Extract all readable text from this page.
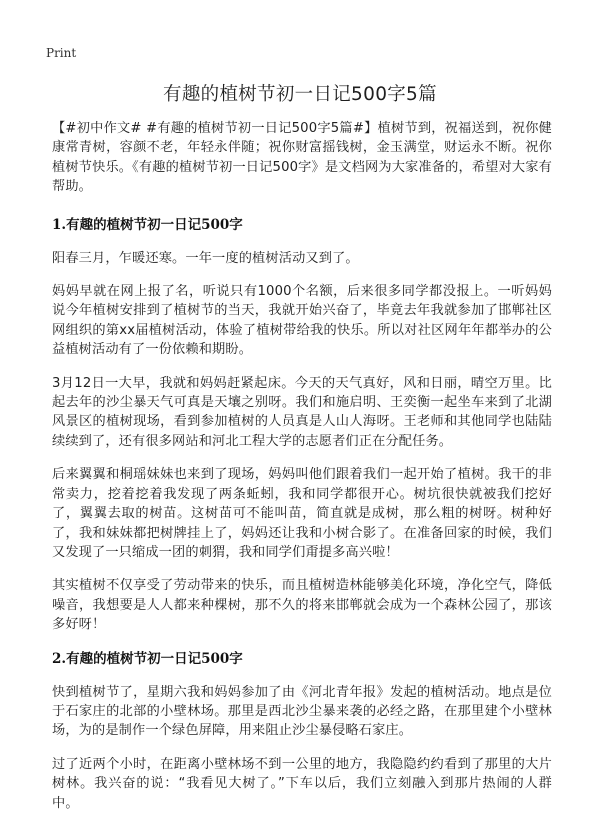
Print
有趣的植树节初一日记500字5篇

【#初中作文# #有趣的植树节初一日记500字5篇#】植树节到，祝福送到，祝你健康常青树，容颜不老，年轻永伴随；祝你财富摇钱树，金玉满堂，财运永不断。祝你植树节快乐。《有趣的植树节初一日记500字》是文档网为大家准备的，希望对大家有帮助。

1.有趣的植树节初一日记500字

阳春三月，乍暖还寒。一年一度的植树活动又到了。

妈妈早就在网上报了名，听说只有1000个名额，后来很多同学都没报上。一听妈妈说今年植树安排到了植树节的当天，我就开始兴奋了，毕竟去年我就参加了邯郸社区网组织的第xx届植树活动，体验了植树带给我的快乐。所以对社区网年年都举办的公益植树活动有了一份依赖和期盼。

3月12日一大早，我就和妈妈赶紧起床。今天的天气真好，风和日丽，晴空万里。比起去年的沙尘暴天气可真是天壤之别呀。我们和施启明、王奕衡一起坐车来到了北湖风景区的植树现场，看到参加植树的人员真是人山人海呀。王老师和其他同学也陆陆续续到了，还有很多网站和河北工程大学的志愿者们正在分配任务。

后来翼翼和桐瑶妹妹也来到了现场，妈妈叫他们跟着我们一起开始了植树。我干的非常卖力，挖着挖着我发现了两条蚯蚓，我和同学都很开心。树坑很快就被我们挖好了，翼翼去取的树苗。这树苗可不能叫苗，简直就是成树，那么粗的树呀。树种好了，我和妹妹都把树牌挂上了，妈妈还让我和小树合影了。在准备回家的时候，我们又发现了一只缩成一团的刺猬，我和同学们甭提多高兴啦！

其实植树不仅享受了劳动带来的快乐，而且植树造林能够美化环境，净化空气，降低噪音，我想要是人人都来种棵树，那不久的将来邯郸就会成为一个森林公园了，那该多好呀！

2.有趣的植树节初一日记500字

快到植树节了，星期六我和妈妈参加了由《河北青年报》发起的植树活动。地点是位于石家庄的北部的小壁林场。那里是西北沙尘暴来袭的必经之路，在那里建个小壁林场，为的是制作一个绿色屏障，用来阻止沙尘暴侵略石家庄。

过了近两个小时，在距离小壁林场不到一公里的地方，我隐隐约约看到了那里的大片树林。我兴奋的说：“我看见大树了。”下车以后，我们立刻融入到那片热闹的人群中。
